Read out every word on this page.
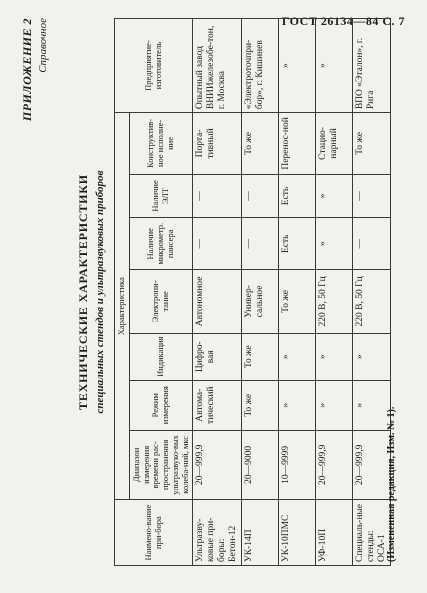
ГОСТ 26134—84 С. 7
ПРИЛОЖЕНИЕ 2 Справочное
ТЕХНИЧЕСКИЕ ХАРАКТЕРИСТИКИ специальных стендов и ультразвуковых приборов
Наимено-вание при-бора	Характеристика							Предприятие-изготовитель
	Диапазон измерения времени рас-пространения ультразвуко-вых колеба-ний, мкс	Режим измерения	Индикация	Электропи-тание	Наличие микрометр. пансера	Наличие ЭЛТ	Конструктив-ное исполне-ние	
Ультразву-ковые при-боры: Бетон-12	20—999,9	Автома-тический	Цифро-вая	Автономное	—	—	Порта-тивный	Опытный завод ВНИИжелезобе-тон, г. Москва
УК-14П	20—9000	То же	То же	Универ-сальное	—	—	То же	«Электроточпри-бор», г. Кишинев
УК-10ПМС	10—9999	»	»	То же	Есть	Есть	Перенос-ной	»
УФ-10П	20—999,9	»	»	220 В, 50 Гц	»	»	Стацио-нарный	»
Специаль-ные стенды: ОСА-1	20—999,9	»	»	220 В, 50 Гц	—	—	То же	ВПО «Эталон», г. Рига
(Измененная редакция, Изм. № 1).
